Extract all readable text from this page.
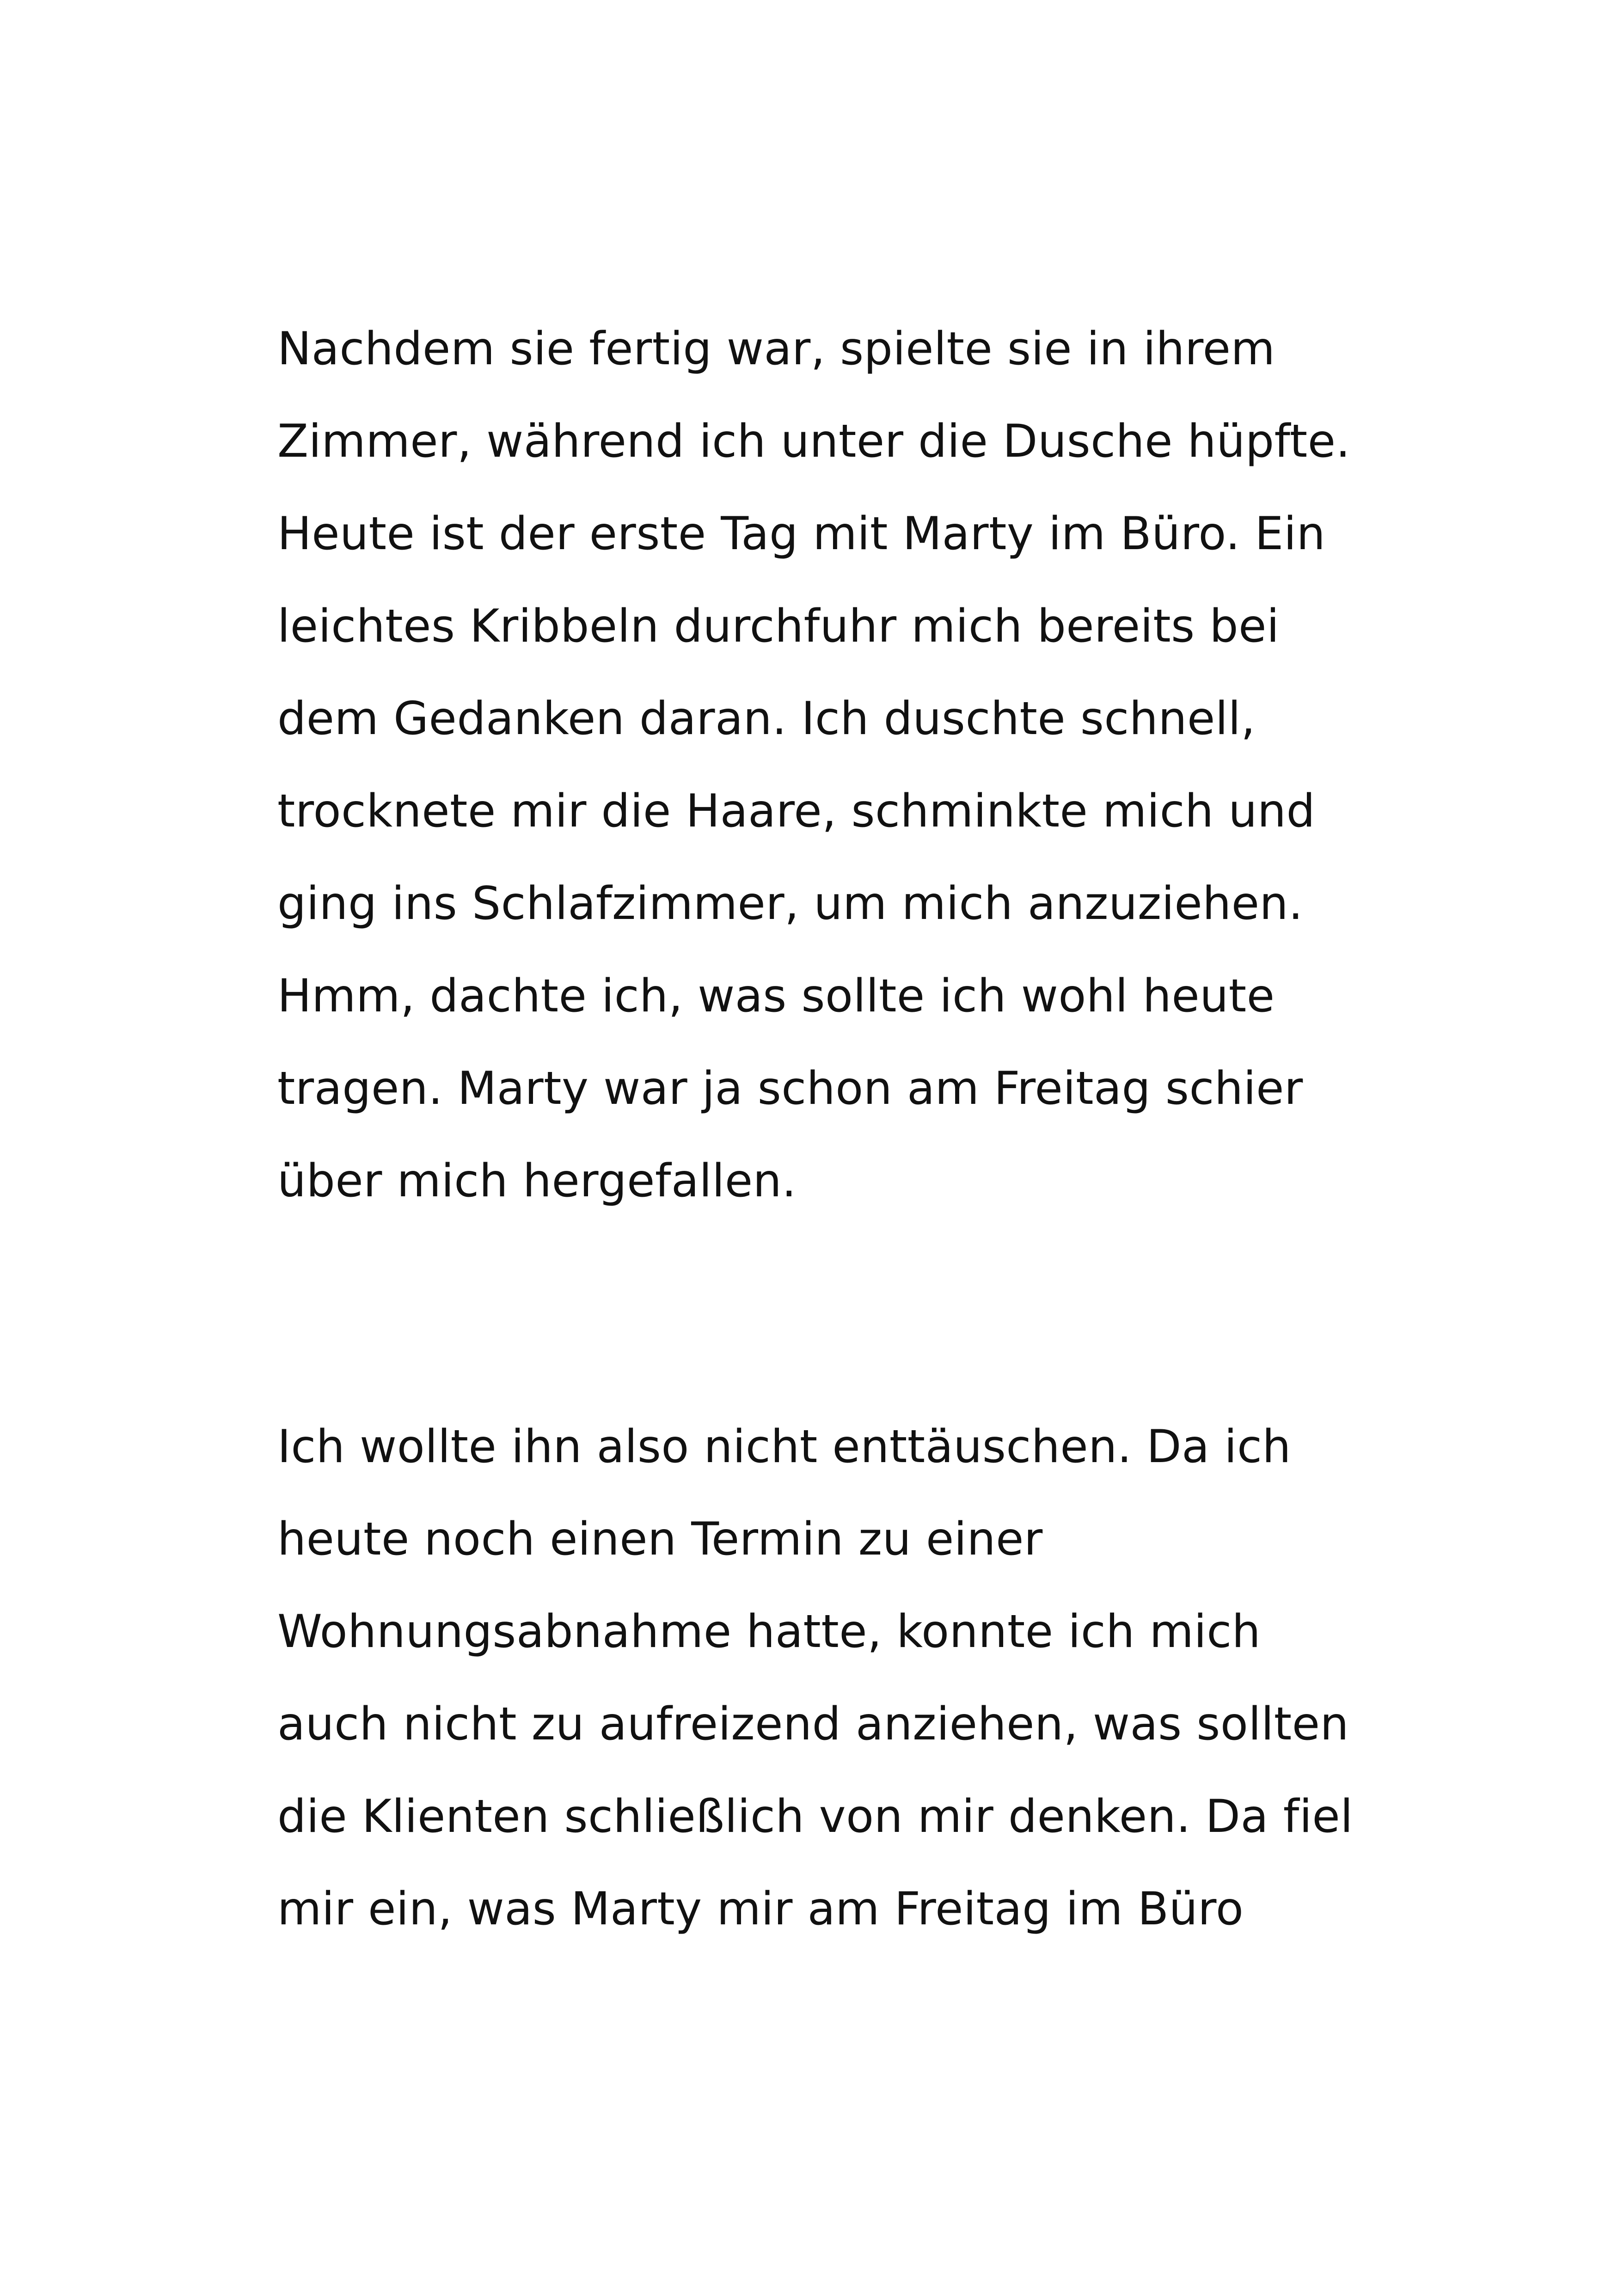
Nachdem sie fertig war, spielte sie in ihrem
Zimmer, während ich unter die Dusche hüpfte.
Heute ist der erste Tag mit Marty im Büro. Ein
leichtes Kribbeln durchfuhr mich bereits bei
dem Gedanken daran. Ich duschte schnell,
trocknete mir die Haare, schminkte mich und
ging ins Schlafzimmer, um mich anzuziehen.
Hmm, dachte ich, was sollte ich wohl heute
tragen. Marty war ja schon am Freitag schier
über mich hergefallen.
Ich wollte ihn also nicht enttäuschen. Da ich
heute noch einen Termin zu einer
Wohnungsabnahme hatte, konnte ich mich
auch nicht zu aufreizend anziehen, was sollten
die Klienten schließlich von mir denken. Da fiel
mir ein, was Marty mir am Freitag im Büro
